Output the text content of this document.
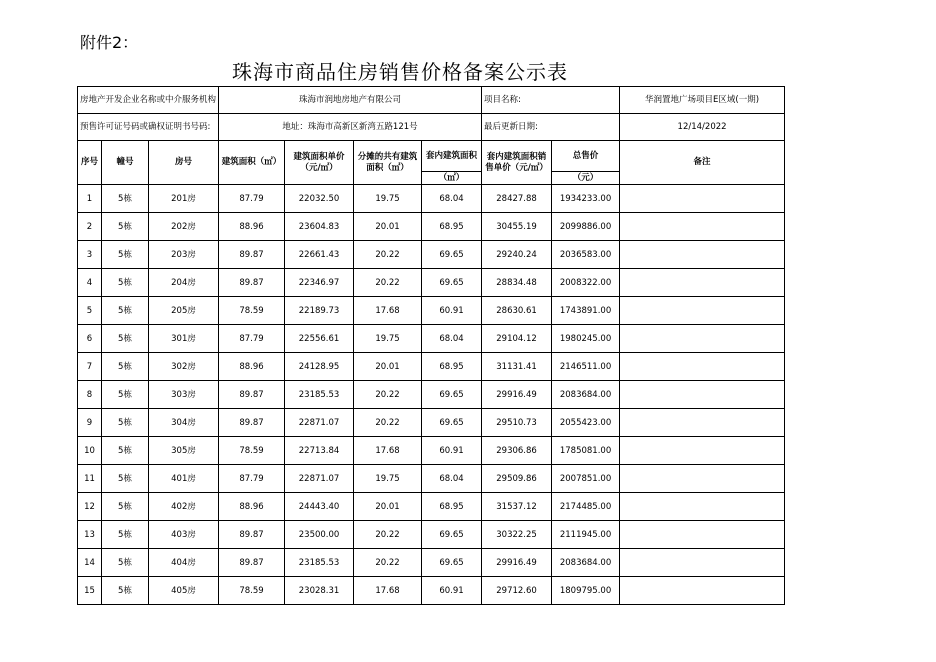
附件2：
珠海市商品住房销售价格备案公示表
房地产开发企业名称或中介服务机构			珠海市润地房地产有限公司				项目名称:		华润置地广场项目E区域(一期)
预售许可证号码或确权证明书号码:			地址：珠海市高新区新湾五路121号				最后更新日期:		12/14/2022
序号	幢号	房号	建筑面积（㎡）	建筑面积单价（元/㎡）	分摊的共有建筑面积（㎡）	套内建筑面积	套内建筑面积销售单价（元/㎡）	总售价	备注
						（㎡）		（元）	
1	5栋	201房	87.79	22032.50	19.75	68.04	28427.88	1934233.00	
2	5栋	202房	88.96	23604.83	20.01	68.95	30455.19	2099886.00	
3	5栋	203房	89.87	22661.43	20.22	69.65	29240.24	2036583.00	
4	5栋	204房	89.87	22346.97	20.22	69.65	28834.48	2008322.00	
5	5栋	205房	78.59	22189.73	17.68	60.91	28630.61	1743891.00	
6	5栋	301房	87.79	22556.61	19.75	68.04	29104.12	1980245.00	
7	5栋	302房	88.96	24128.95	20.01	68.95	31131.41	2146511.00	
8	5栋	303房	89.87	23185.53	20.22	69.65	29916.49	2083684.00	
9	5栋	304房	89.87	22871.07	20.22	69.65	29510.73	2055423.00	
10	5栋	305房	78.59	22713.84	17.68	60.91	29306.86	1785081.00	
11	5栋	401房	87.79	22871.07	19.75	68.04	29509.86	2007851.00	
12	5栋	402房	88.96	24443.40	20.01	68.95	31537.12	2174485.00	
13	5栋	403房	89.87	23500.00	20.22	69.65	30322.25	2111945.00	
14	5栋	404房	89.87	23185.53	20.22	69.65	29916.49	2083684.00	
15	5栋	405房	78.59	23028.31	17.68	60.91	29712.60	1809795.00	
